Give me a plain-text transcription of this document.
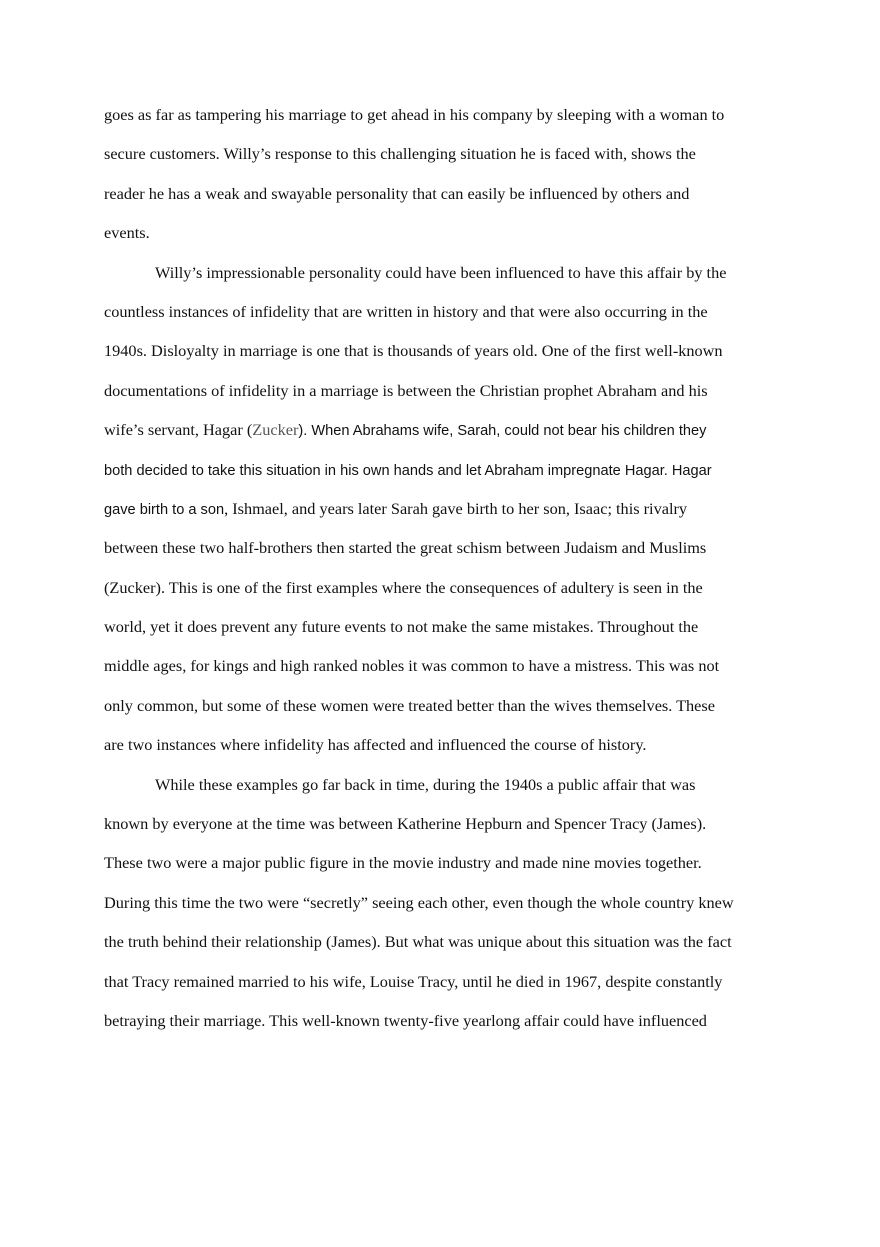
goes as far as tampering his marriage to get ahead in his company by sleeping with a woman to
secure customers. Willy’s response to this challenging situation he is faced with, shows the
reader he has a weak and swayable personality that can easily be influenced by others and
events.
Willy’s impressionable personality could have been influenced to have this affair by the
countless instances of infidelity that are written in history and that were also occurring in the
1940s. Disloyalty in marriage is one that is thousands of years old. One of the first well-known
documentations of infidelity in a marriage is between the Christian prophet Abraham and his
wife’s servant, Hagar (Zucker). When Abrahams wife, Sarah, could not bear his children they
both decided to take this situation in his own hands and let Abraham impregnate Hagar. Hagar
gave birth to a son, Ishmael, and years later Sarah gave birth to her son, Isaac; this rivalry
between these two half-brothers then started the great schism between Judaism and Muslims
(Zucker). This is one of the first examples where the consequences of adultery is seen in the
world, yet it does prevent any future events to not make the same mistakes. Throughout the
middle ages, for kings and high ranked nobles it was common to have a mistress. This was not
only common, but some of these women were treated better than the wives themselves. These
are two instances where infidelity has affected and influenced the course of history.
While these examples go far back in time, during the 1940s a public affair that was
known by everyone at the time was between Katherine Hepburn and Spencer Tracy (James).
These two were a major public figure in the movie industry and made nine movies together.
During this time the two were “secretly” seeing each other, even though the whole country knew
the truth behind their relationship (James). But what was unique about this situation was the fact
that Tracy remained married to his wife, Louise Tracy, until he died in 1967, despite constantly
betraying their marriage. This well-known twenty-five yearlong affair could have influenced
